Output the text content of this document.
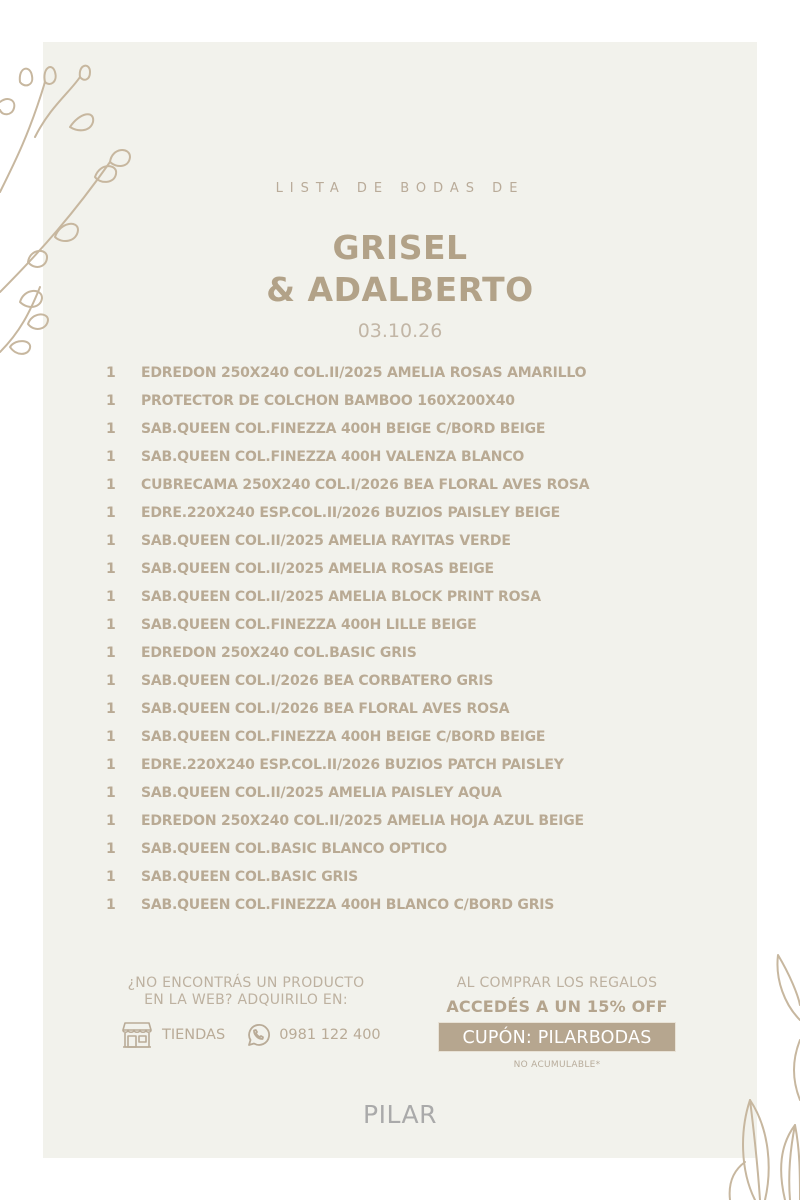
LISTA DE BODAS DE
GRISEL
& ADALBERTO
03.10.26
1	EDREDON 250X240 COL.II/2025 AMELIA ROSAS AMARILLO
1	PROTECTOR DE COLCHON BAMBOO 160X200X40
1	SAB.QUEEN COL.FINEZZA 400H BEIGE C/BORD BEIGE
1	SAB.QUEEN COL.FINEZZA 400H VALENZA BLANCO
1	CUBRECAMA 250X240 COL.I/2026 BEA FLORAL AVES ROSA
1	EDRE.220X240 ESP.COL.II/2026 BUZIOS PAISLEY BEIGE
1	SAB.QUEEN COL.II/2025 AMELIA RAYITAS VERDE
1	SAB.QUEEN COL.II/2025 AMELIA ROSAS BEIGE
1	SAB.QUEEN COL.II/2025 AMELIA BLOCK PRINT ROSA
1	SAB.QUEEN COL.FINEZZA 400H LILLE BEIGE
1	EDREDON 250X240 COL.BASIC GRIS
1	SAB.QUEEN COL.I/2026 BEA CORBATERO GRIS
1	SAB.QUEEN COL.I/2026 BEA FLORAL AVES ROSA
1	SAB.QUEEN COL.FINEZZA 400H BEIGE C/BORD BEIGE
1	EDRE.220X240 ESP.COL.II/2026 BUZIOS PATCH PAISLEY
1	SAB.QUEEN COL.II/2025 AMELIA PAISLEY AQUA
1	EDREDON 250X240 COL.II/2025 AMELIA HOJA AZUL BEIGE
1	SAB.QUEEN COL.BASIC BLANCO OPTICO
1	SAB.QUEEN COL.BASIC GRIS
1	SAB.QUEEN COL.FINEZZA 400H BLANCO C/BORD GRIS
¿NO ENCONTRÁS UN PRODUCTO
EN LA WEB? ADQUIRILO EN:
TIENDAS	0981 122 400
AL COMPRAR LOS REGALOS
ACCEDÉS A UN 15% OFF
CUPÓN: PILARBODAS
NO ACUMULABLE*
PILAR
